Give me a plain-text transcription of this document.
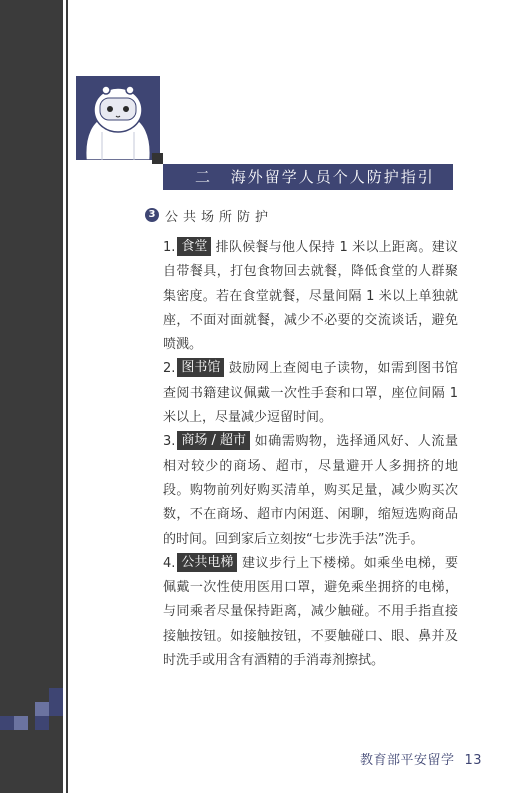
二 海外留学人员个人防护指引
3 公共场所防护

1. 食堂 排队候餐与他人保持 1 米以上距离。建议自带餐具，打包食物回去就餐，降低食堂的人群聚集密度。若在食堂就餐，尽量间隔 1 米以上单独就座，不面对面就餐，减少不必要的交流谈话，避免喷溅。

2. 图书馆 鼓励网上查阅电子读物，如需到图书馆查阅书籍建议佩戴一次性手套和口罩，座位间隔 1 米以上，尽量减少逗留时间。

3. 商场 / 超市 如确需购物，选择通风好、人流量相对较少的商场、超市，尽量避开人多拥挤的地段。购物前列好购买清单，购买足量，减少购买次数，不在商场、超市内闲逛、闲聊，缩短选购商品的时间。回到家后立刻按“七步洗手法”洗手。

4. 公共电梯 建议步行上下楼梯。如乘坐电梯，要佩戴一次性使用医用口罩，避免乘坐拥挤的电梯，与同乘者尽量保持距离，减少触碰。不用手指直接接触按钮。如接触按钮，不要触碰口、眼、鼻并及时洗手或用含有酒精的手消毒剂擦拭。

教育部平安留学 13
